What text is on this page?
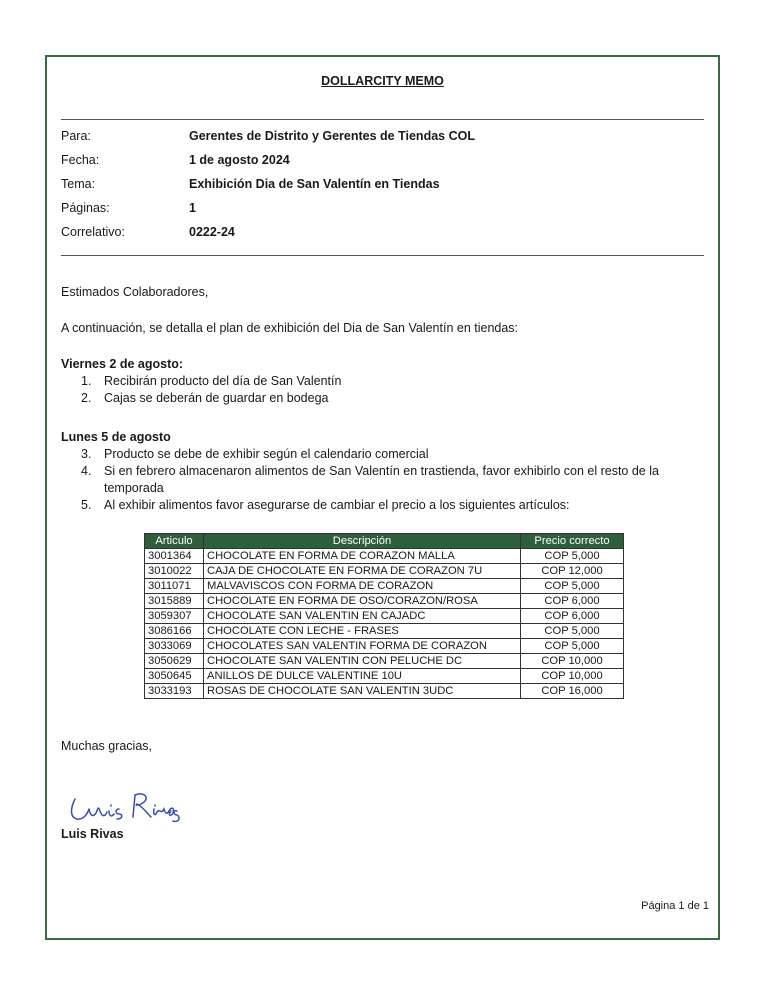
DOLLARCITY MEMO
Para:	Gerentes de Distrito y Gerentes de Tiendas COL
Fecha:	1 de agosto 2024
Tema:	Exhibición Dia de San Valentín en Tiendas
Páginas:	1
Correlativo:	0222-24
Estimados Colaboradores,
A continuación, se detalla el plan de exhibición del Dia de San Valentín en tiendas:
Viernes 2 de agosto:
1. Recibirán producto del día de San Valentín
2. Cajas se deberán de guardar en bodega
Lunes 5 de agosto
3. Producto se debe de exhibir según el calendario comercial
4. Si en febrero almacenaron alimentos de San Valentín en trastienda, favor exhibirlo con el resto de la temporada
5. Al exhibir alimentos favor asegurarse de cambiar el precio a los siguientes artículos:
Articulo	Descripción	Precio correcto
3001364	CHOCOLATE EN FORMA DE CORAZON MALLA	COP 5,000
3010022	CAJA DE CHOCOLATE EN FORMA DE CORAZON 7U	COP 12,000
3011071	MALVAVISCOS CON FORMA DE CORAZON	COP 5,000
3015889	CHOCOLATE EN FORMA DE OSO/CORAZON/ROSA	COP 6,000
3059307	CHOCOLATE SAN VALENTIN EN CAJADC	COP 6,000
3086166	CHOCOLATE CON LECHE - FRASES	COP 5,000
3033069	CHOCOLATES SAN VALENTIN FORMA DE CORAZON	COP 5,000
3050629	CHOCOLATE SAN VALENTIN CON PELUCHE DC	COP 10,000
3050645	ANILLOS DE DULCE VALENTINE 10U	COP 10,000
3033193	ROSAS DE CHOCOLATE SAN VALENTIN 3UDC	COP 16,000
Muchas gracias,
Luis Rivas
Página 1 de 1
